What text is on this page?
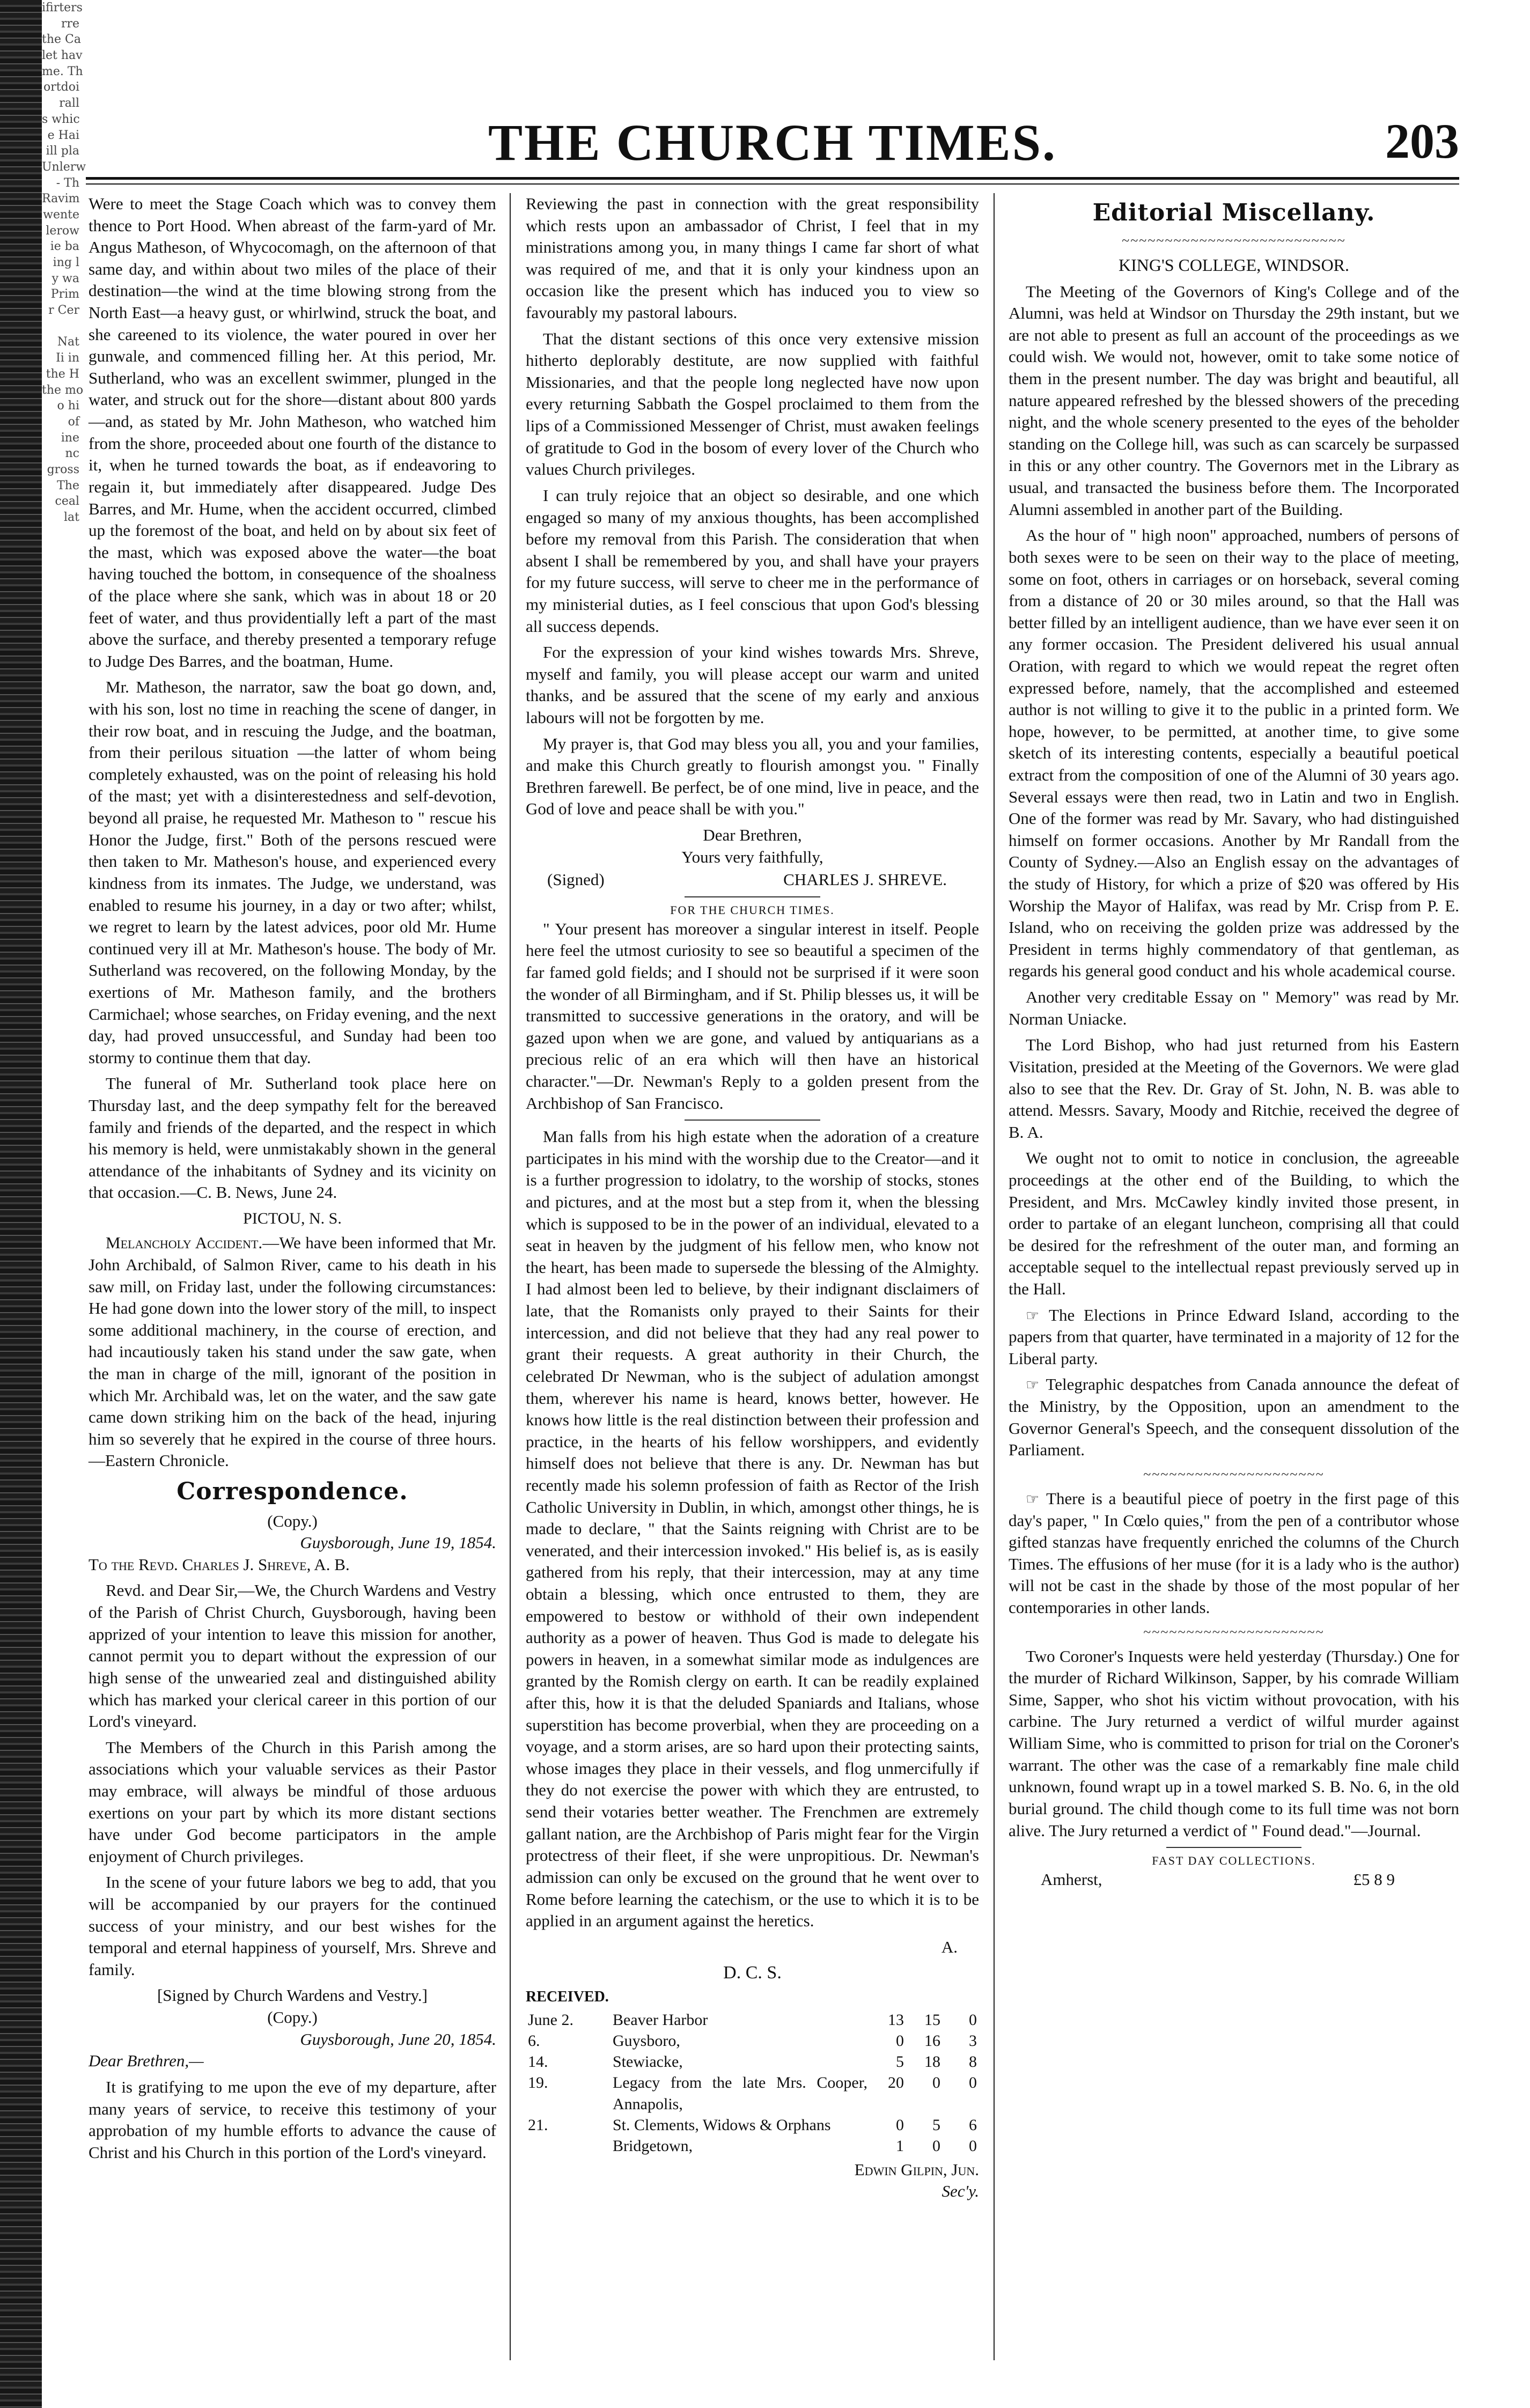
ifirters
rre
the Ca
let hav
me. Th
ortdoi
rall
s whic
e Hai
ill pla
Unlerw
- Th
Ravim
wente
lerow
ie ba
ing l
y wa
Prim
r Cer

Nat
Ii in
the H
the mo
o hi
of
ine
nc
gross
The
ceal
lat
THE CHURCH TIMES.	203

Were to meet the Stage Coach which was to convey them thence to Port Hood. When abreast of the farm-yard of Mr. Angus Matheson, of Whycocomagh, on the afternoon of that same day, and within about two miles of the place of their destination—the wind at the time blowing strong from the North East—a heavy gust, or whirlwind, struck the boat, and she careened to its violence, the water poured in over her gunwale, and commenced filling her. At this period, Mr. Sutherland, who was an excellent swimmer, plunged in the water, and struck out for the shore—distant about 800 yards—and, as stated by Mr. John Matheson, who watched him from the shore, proceeded about one fourth of the distance to it, when he turned towards the boat, as if endeavoring to regain it, but immediately after disappeared. Judge Des Barres, and Mr. Hume, when the accident occurred, climbed up the foremost of the boat, and held on by about six feet of the mast, which was exposed above the water—the boat having touched the bottom, in consequence of the shoalness of the place where she sank, which was in about 18 or 20 feet of water, and thus providentially left a part of the mast above the surface, and thereby presented a temporary refuge to Judge Des Barres, and the boatman, Hume.

Mr. Matheson, the narrator, saw the boat go down, and, with his son, lost no time in reaching the scene of danger, in their row boat, and in rescuing the Judge, and the boatman, from their perilous situation —the latter of whom being completely exhausted, was on the point of releasing his hold of the mast; yet with a disinterestedness and self-devotion, beyond all praise, he requested Mr. Matheson to " rescue his Honor the Judge, first." Both of the persons rescued were then taken to Mr. Matheson's house, and experienced every kindness from its inmates. The Judge, we understand, was enabled to resume his journey, in a day or two after; whilst, we regret to learn by the latest advices, poor old Mr. Hume continued very ill at Mr. Matheson's house. The body of Mr. Sutherland was recovered, on the following Monday, by the exertions of Mr. Matheson family, and the brothers Carmichael; whose searches, on Friday evening, and the next day, had proved unsuccessful, and Sunday had been too stormy to continue them that day.

The funeral of Mr. Sutherland took place here on Thursday last, and the deep sympathy felt for the bereaved family and friends of the departed, and the respect in which his memory is held, were unmistakably shown in the general attendance of the inhabitants of Sydney and its vicinity on that occasion.—C. B. News, June 24.

PICTOU, N. S.

Melancholy Accident.—We have been informed that Mr. John Archibald, of Salmon River, came to his death in his saw mill, on Friday last, under the following circumstances: He had gone down into the lower story of the mill, to inspect some additional machinery, in the course of erection, and had incautiously taken his stand under the saw gate, when the man in charge of the mill, ignorant of the position in which Mr. Archibald was, let on the water, and the saw gate came down striking him on the back of the head, injuring him so severely that he expired in the course of three hours.—Eastern Chronicle.

Correspondence.
(Copy.)
Guysborough, June 19, 1854.

To the Revd. Charles J. Shreve, A. B.

Revd. and Dear Sir,—We, the Church Wardens and Vestry of the Parish of Christ Church, Guysborough, having been apprized of your intention to leave this mission for another, cannot permit you to depart without the expression of our high sense of the unwearied zeal and distinguished ability which has marked your clerical career in this portion of our Lord's vineyard.

The Members of the Church in this Parish among the associations which your valuable services as their Pastor may embrace, will always be mindful of those arduous exertions on your part by which its more distant sections have under God become participators in the ample enjoyment of Church privileges.

In the scene of your future labors we beg to add, that you will be accompanied by our prayers for the continued success of your ministry, and our best wishes for the temporal and eternal happiness of yourself, Mrs. Shreve and family.

[Signed by Church Wardens and Vestry.]
(Copy.)
Guysborough, June 20, 1854.

Dear Brethren,—

It is gratifying to me upon the eve of my departure, after many years of service, to receive this testimony of your approbation of my humble efforts to advance the cause of Christ and his Church in this portion of the Lord's vineyard.

Reviewing the past in connection with the great responsibility which rests upon an ambassador of Christ, I feel that in my ministrations among you, in many things I came far short of what was required of me, and that it is only your kindness upon an occasion like the present which has induced you to view so favourably my pastoral labours.

That the distant sections of this once very extensive mission hitherto deplorably destitute, are now supplied with faithful Missionaries, and that the people long neglected have now upon every returning Sabbath the Gospel proclaimed to them from the lips of a Commissioned Messenger of Christ, must awaken feelings of gratitude to God in the bosom of every lover of the Church who values Church privileges.

I can truly rejoice that an object so desirable, and one which engaged so many of my anxious thoughts, has been accomplished before my removal from this Parish. The consideration that when absent I shall be remembered by you, and shall have your prayers for my future success, will serve to cheer me in the performance of my ministerial duties, as I feel conscious that upon God's blessing all success depends.

For the expression of your kind wishes towards Mrs. Shreve, myself and family, you will please accept our warm and united thanks, and be assured that the scene of my early and anxious labours will not be forgotten by me.

My prayer is, that God may bless you all, you and your families, and make this Church greatly to flourish amongst you. " Finally Brethren farewell. Be perfect, be of one mind, live in peace, and the God of love and peace shall be with you."

Dear Brethren,
Yours very faithfully,
(Signed)	CHARLES J. SHREVE.
FOR THE CHURCH TIMES.

" Your present has moreover a singular interest in itself. People here feel the utmost curiosity to see so beautiful a specimen of the far famed gold fields; and I should not be surprised if it were soon the wonder of all Birmingham, and if St. Philip blesses us, it will be transmitted to successive generations in the oratory, and will be gazed upon when we are gone, and valued by antiquarians as a precious relic of an era which will then have an historical character."—Dr. Newman's Reply to a golden present from the Archbishop of San Francisco.

Man falls from his high estate when the adoration of a creature participates in his mind with the worship due to the Creator—and it is a further progression to idolatry, to the worship of stocks, stones and pictures, and at the most but a step from it, when the blessing which is supposed to be in the power of an individual, elevated to a seat in heaven by the judgment of his fellow men, who know not the heart, has been made to supersede the blessing of the Almighty. I had almost been led to believe, by their indignant disclaimers of late, that the Romanists only prayed to their Saints for their intercession, and did not believe that they had any real power to grant their requests. A great authority in their Church, the celebrated Dr Newman, who is the subject of adulation amongst them, wherever his name is heard, knows better, however. He knows how little is the real distinction between their profession and practice, in the hearts of his fellow worshippers, and evidently himself does not believe that there is any. Dr. Newman has but recently made his solemn profession of faith as Rector of the Irish Catholic University in Dublin, in which, amongst other things, he is made to declare, " that the Saints reigning with Christ are to be venerated, and their intercession invoked." His belief is, as is easily gathered from his reply, that their intercession, may at any time obtain a blessing, which once entrusted to them, they are empowered to bestow or withhold of their own independent authority as a power of heaven. Thus God is made to delegate his powers in heaven, in a somewhat similar mode as indulgences are granted by the Romish clergy on earth. It can be readily explained after this, how it is that the deluded Spaniards and Italians, whose superstition has become proverbial, when they are proceeding on a voyage, and a storm arises, are so hard upon their protecting saints, whose images they place in their vessels, and flog unmercifully if they do not exercise the power with which they are entrusted, to send their votaries better weather. The Frenchmen are extremely gallant nation, are the Archbishop of Paris might fear for the Virgin protectress of their fleet, if she were unpropitious. Dr. Newman's admission can only be excused on the ground that he went over to Rome before learning the catechism, or the use to which it is to be applied in an argument against the heretics.

A.
D. C. S.
RECEIVED.
June 2.	Beaver Harbor	13	15	0
6.	Guysboro,	0	16	3
14.	Stewiacke,	5	18	8
19.	Legacy from the late Mrs. Cooper, Annapolis,	20	0	0
21.	St. Clements, Widows & Orphans	0	5	6
	Bridgetown,	1	0	0
Edwin Gilpin, Jun.
Sec'y.
Editorial Miscellany.
~~~~~~~~~~~~~~~~~~~~~~~~~~
KING'S COLLEGE, WINDSOR.

The Meeting of the Governors of King's College and of the Alumni, was held at Windsor on Thursday the 29th instant, but we are not able to present as full an account of the proceedings as we could wish. We would not, however, omit to take some notice of them in the present number. The day was bright and beautiful, all nature appeared refreshed by the blessed showers of the preceding night, and the whole scenery presented to the eyes of the beholder standing on the College hill, was such as can scarcely be surpassed in this or any other country. The Governors met in the Library as usual, and transacted the business before them. The Incorporated Alumni assembled in another part of the Building.

As the hour of " high noon" approached, numbers of persons of both sexes were to be seen on their way to the place of meeting, some on foot, others in carriages or on horseback, several coming from a distance of 20 or 30 miles around, so that the Hall was better filled by an intelligent audience, than we have ever seen it on any former occasion. The President delivered his usual annual Oration, with regard to which we would repeat the regret often expressed before, namely, that the accomplished and esteemed author is not willing to give it to the public in a printed form. We hope, however, to be permitted, at another time, to give some sketch of its interesting contents, especially a beautiful poetical extract from the composition of one of the Alumni of 30 years ago. Several essays were then read, two in Latin and two in English. One of the former was read by Mr. Savary, who had distinguished himself on former occasions. Another by Mr Randall from the County of Sydney.—Also an English essay on the advantages of the study of History, for which a prize of $20 was offered by His Worship the Mayor of Halifax, was read by Mr. Crisp from P. E. Island, who on receiving the golden prize was addressed by the President in terms highly commendatory of that gentleman, as regards his general good conduct and his whole academical course.

Another very creditable Essay on " Memory" was read by Mr. Norman Uniacke.

The Lord Bishop, who had just returned from his Eastern Visitation, presided at the Meeting of the Governors. We were glad also to see that the Rev. Dr. Gray of St. John, N. B. was able to attend. Messrs. Savary, Moody and Ritchie, received the degree of B. A.

We ought not to omit to notice in conclusion, the agreeable proceedings at the other end of the Building, to which the President, and Mrs. McCawley kindly invited those present, in order to partake of an elegant luncheon, comprising all that could be desired for the refreshment of the outer man, and forming an acceptable sequel to the intellectual repast previously served up in the Hall.

☞ The Elections in Prince Edward Island, according to the papers from that quarter, have terminated in a majority of 12 for the Liberal party.

☞ Telegraphic despatches from Canada announce the defeat of the Ministry, by the Opposition, upon an amendment to the Governor General's Speech, and the consequent dissolution of the Parliament.

~~~~~~~~~~~~~~~~~~~~~

☞ There is a beautiful piece of poetry in the first page of this day's paper, " In Cœlo quies," from the pen of a contributor whose gifted stanzas have frequently enriched the columns of the Church Times. The effusions of her muse (for it is a lady who is the author) will not be cast in the shade by those of the most popular of her contemporaries in other lands.

~~~~~~~~~~~~~~~~~~~~~

Two Coroner's Inquests were held yesterday (Thursday.) One for the murder of Richard Wilkinson, Sapper, by his comrade William Sime, Sapper, who shot his victim without provocation, with his carbine. The Jury returned a verdict of wilful murder against William Sime, who is committed to prison for trial on the Coroner's warrant. The other was the case of a remarkably fine male child unknown, found wrapt up in a towel marked S. B. No. 6, in the old burial ground. The child though come to its full time was not born alive. The Jury returned a verdict of " Found dead."—Journal.

FAST DAY COLLECTIONS.
Amherst,	£5 8 9
